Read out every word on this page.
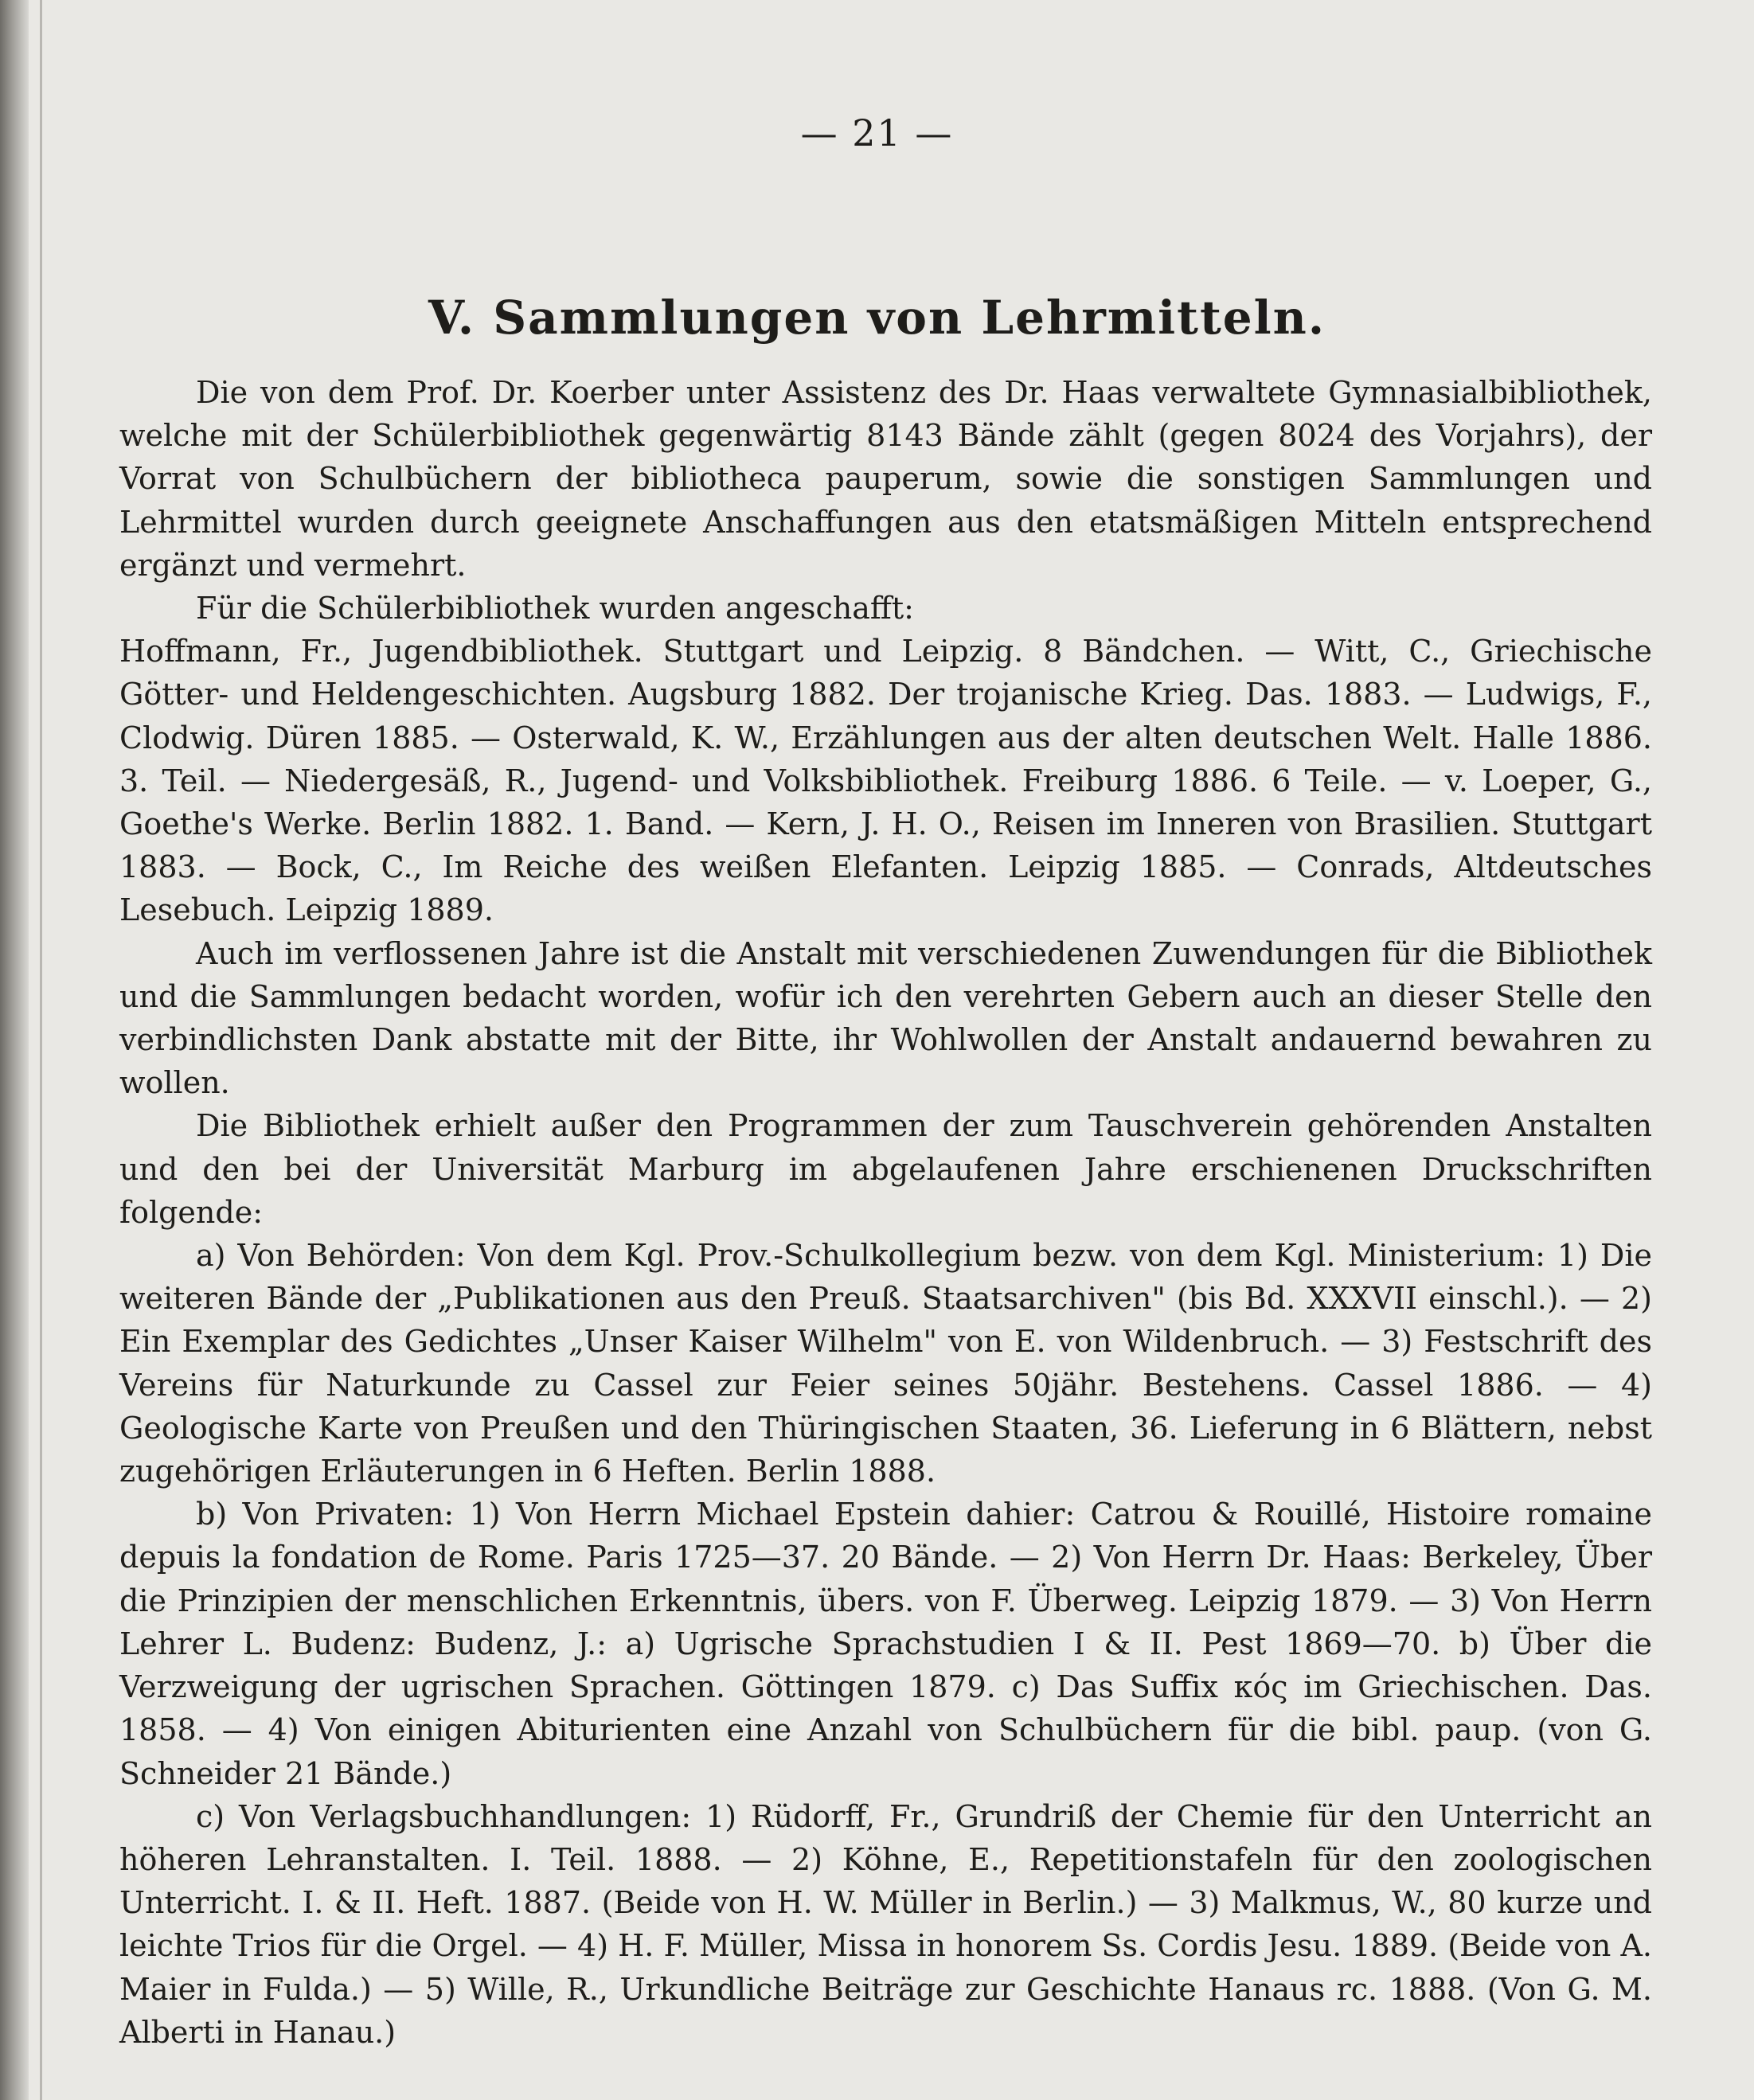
— 21 —
V. Sammlungen von Lehrmitteln.

Die von dem Prof. Dr. Koerber unter Assistenz des Dr. Haas verwaltete Gymnasialbibliothek, welche mit der Schülerbibliothek gegenwärtig 8143 Bände zählt (gegen 8024 des Vorjahrs), der Vorrat von Schulbüchern der bibliotheca pauperum, sowie die sonstigen Sammlungen und Lehrmittel wurden durch geeignete Anschaffungen aus den etatsmäßigen Mitteln entsprechend ergänzt und vermehrt.

Für die Schülerbibliothek wurden angeschafft:

Hoffmann, Fr., Jugendbibliothek. Stuttgart und Leipzig. 8 Bändchen. — Witt, C., Griechische Götter- und Heldengeschichten. Augsburg 1882. Der trojanische Krieg. Das. 1883. — Ludwigs, F., Clodwig. Düren 1885. — Osterwald, K. W., Erzählungen aus der alten deutschen Welt. Halle 1886. 3. Teil. — Niedergesäß, R., Jugend- und Volksbibliothek. Freiburg 1886. 6 Teile. — v. Loeper, G., Goethe's Werke. Berlin 1882. 1. Band. — Kern, J. H. O., Reisen im Inneren von Brasilien. Stuttgart 1883. — Bock, C., Im Reiche des weißen Elefanten. Leipzig 1885. — Conrads, Altdeutsches Lesebuch. Leipzig 1889.

Auch im verflossenen Jahre ist die Anstalt mit verschiedenen Zuwendungen für die Bibliothek und die Sammlungen bedacht worden, wofür ich den verehrten Gebern auch an dieser Stelle den verbindlichsten Dank abstatte mit der Bitte, ihr Wohlwollen der Anstalt andauernd bewahren zu wollen.

Die Bibliothek erhielt außer den Programmen der zum Tauschverein gehörenden Anstalten und den bei der Universität Marburg im abgelaufenen Jahre erschienenen Druckschriften folgende:

a) Von Behörden: Von dem Kgl. Prov.-Schulkollegium bezw. von dem Kgl. Ministerium: 1) Die weiteren Bände der „Publikationen aus den Preuß. Staatsarchiven" (bis Bd. XXXVII einschl.). — 2) Ein Exemplar des Gedichtes „Unser Kaiser Wilhelm" von E. von Wildenbruch. — 3) Festschrift des Vereins für Naturkunde zu Cassel zur Feier seines 50jähr. Bestehens. Cassel 1886. — 4) Geologische Karte von Preußen und den Thüringischen Staaten, 36. Lieferung in 6 Blättern, nebst zugehörigen Erläuterungen in 6 Heften. Berlin 1888.

b) Von Privaten: 1) Von Herrn Michael Epstein dahier: Catrou & Rouillé, Histoire romaine depuis la fondation de Rome. Paris 1725—37. 20 Bände. — 2) Von Herrn Dr. Haas: Berkeley, Über die Prinzipien der menschlichen Erkenntnis, übers. von F. Überweg. Leipzig 1879. — 3) Von Herrn Lehrer L. Budenz: Budenz, J.: a) Ugrische Sprachstudien I & II. Pest 1869—70. b) Über die Verzweigung der ugrischen Sprachen. Göttingen 1879. c) Das Suffix κός im Griechischen. Das. 1858. — 4) Von einigen Abiturienten eine Anzahl von Schulbüchern für die bibl. paup. (von G. Schneider 21 Bände.)

c) Von Verlagsbuchhandlungen: 1) Rüdorff, Fr., Grundriß der Chemie für den Unterricht an höheren Lehranstalten. I. Teil. 1888. — 2) Köhne, E., Repetitionstafeln für den zoologischen Unterricht. I. & II. Heft. 1887. (Beide von H. W. Müller in Berlin.) — 3) Malkmus, W., 80 kurze und leichte Trios für die Orgel. — 4) H. F. Müller, Missa in honorem Ss. Cordis Jesu. 1889. (Beide von A. Maier in Fulda.) — 5) Wille, R., Urkundliche Beiträge zur Geschichte Hanaus rc. 1888. (Von G. M. Alberti in Hanau.)
